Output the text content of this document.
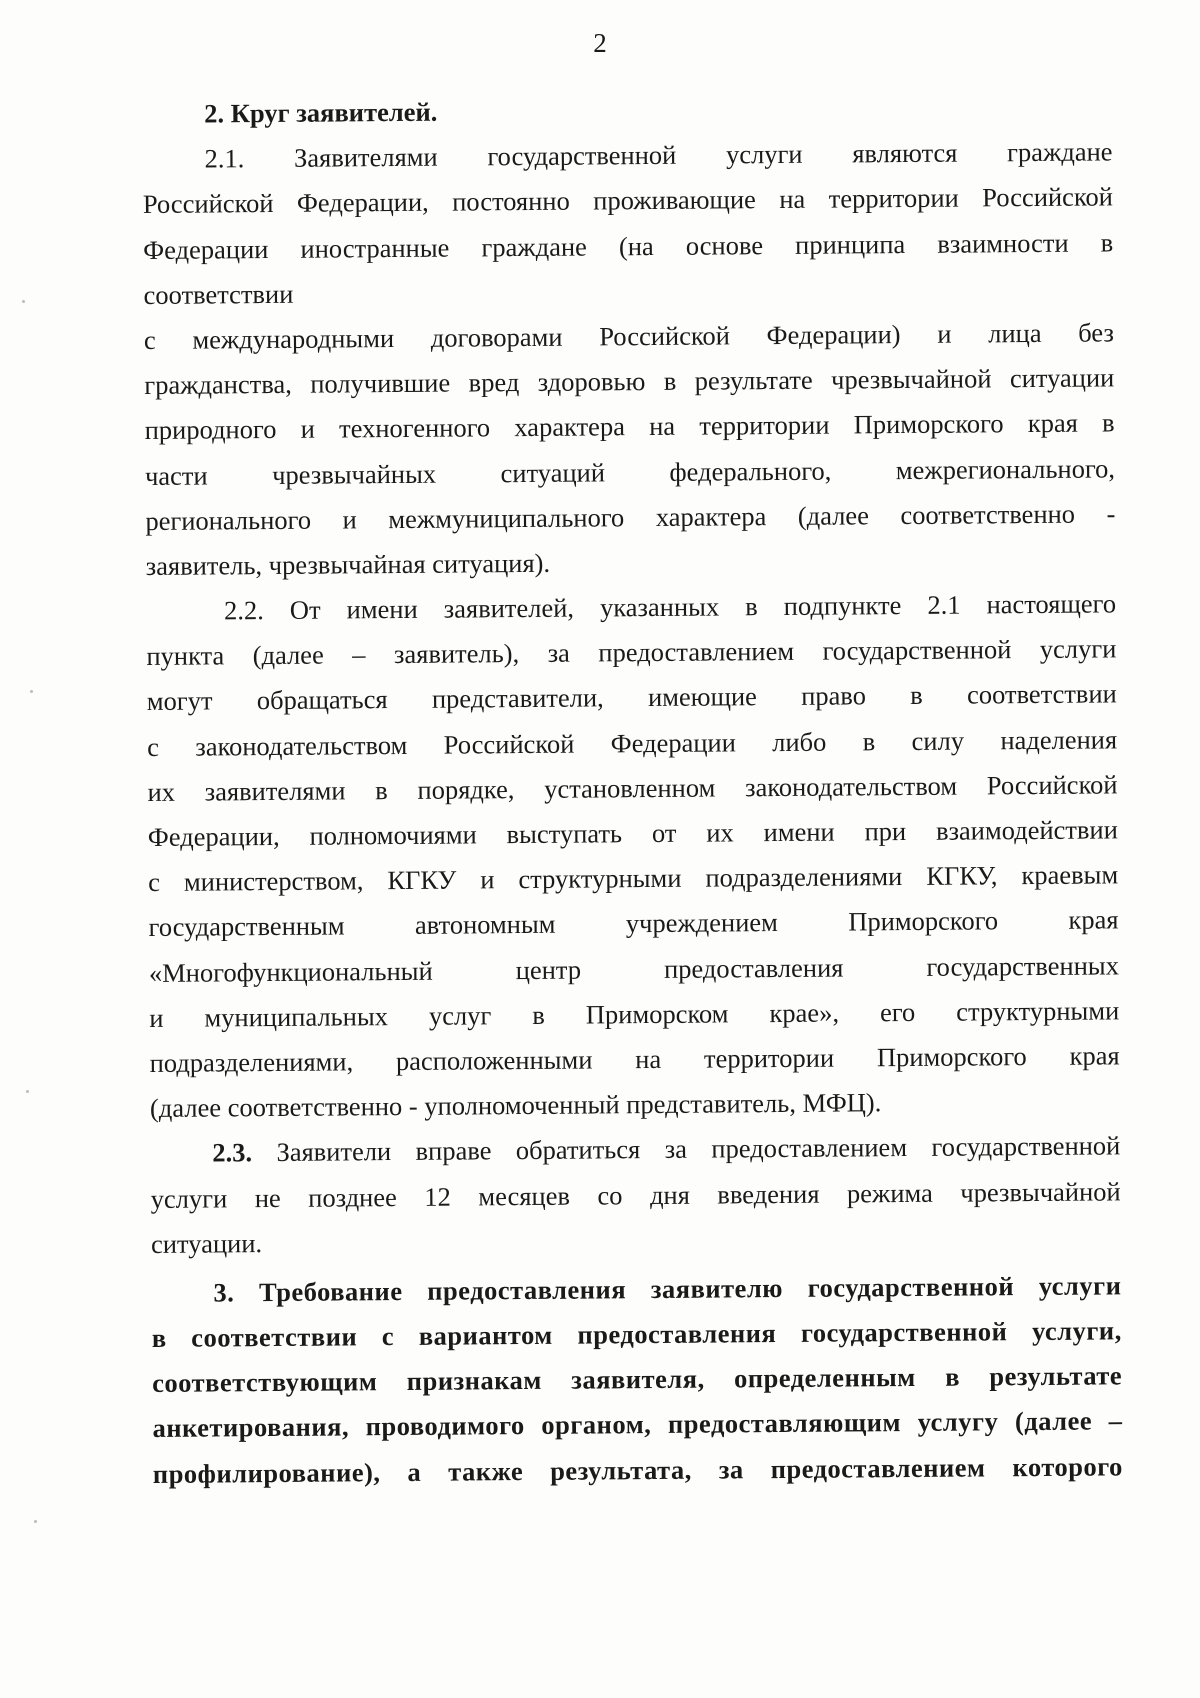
2
2. Круг заявителей.
2.1. Заявителями государственной услуги являются граждане
Российской Федерации, постоянно проживающие на территории Российской
Федерации иностранные граждане (на основе принципа взаимности в
соответствии
с международными договорами Российской Федерации) и лица без
гражданства, получившие вред здоровью в результате чрезвычайной ситуации
природного и техногенного характера на территории Приморского края в
части чрезвычайных ситуаций федерального, межрегионального,
регионального и межмуниципального характера (далее соответственно -
заявитель, чрезвычайная ситуация).
2.2. От имени заявителей, указанных в подпункте 2.1 настоящего
пункта (далее – заявитель), за предоставлением государственной услуги
могут обращаться представители, имеющие право в соответствии
с законодательством Российской Федерации либо в силу наделения
их заявителями в порядке, установленном законодательством Российской
Федерации, полномочиями выступать от их имени при взаимодействии
с министерством, КГКУ и структурными подразделениями КГКУ, краевым
государственным автономным учреждением Приморского края
«Многофункциональный центр предоставления государственных
и муниципальных услуг в Приморском крае», его структурными
подразделениями, расположенными на территории Приморского края
(далее соответственно - уполномоченный представитель, МФЦ).
2.3. Заявители вправе обратиться за предоставлением государственной
услуги не позднее 12 месяцев со дня введения режима чрезвычайной
ситуации.
3. Требование предоставления заявителю государственной услуги
в соответствии с вариантом предоставления государственной услуги,
соответствующим признакам заявителя, определенным в результате
анкетирования, проводимого органом, предоставляющим услугу (далее –
профилирование), а также результата, за предоставлением которого
